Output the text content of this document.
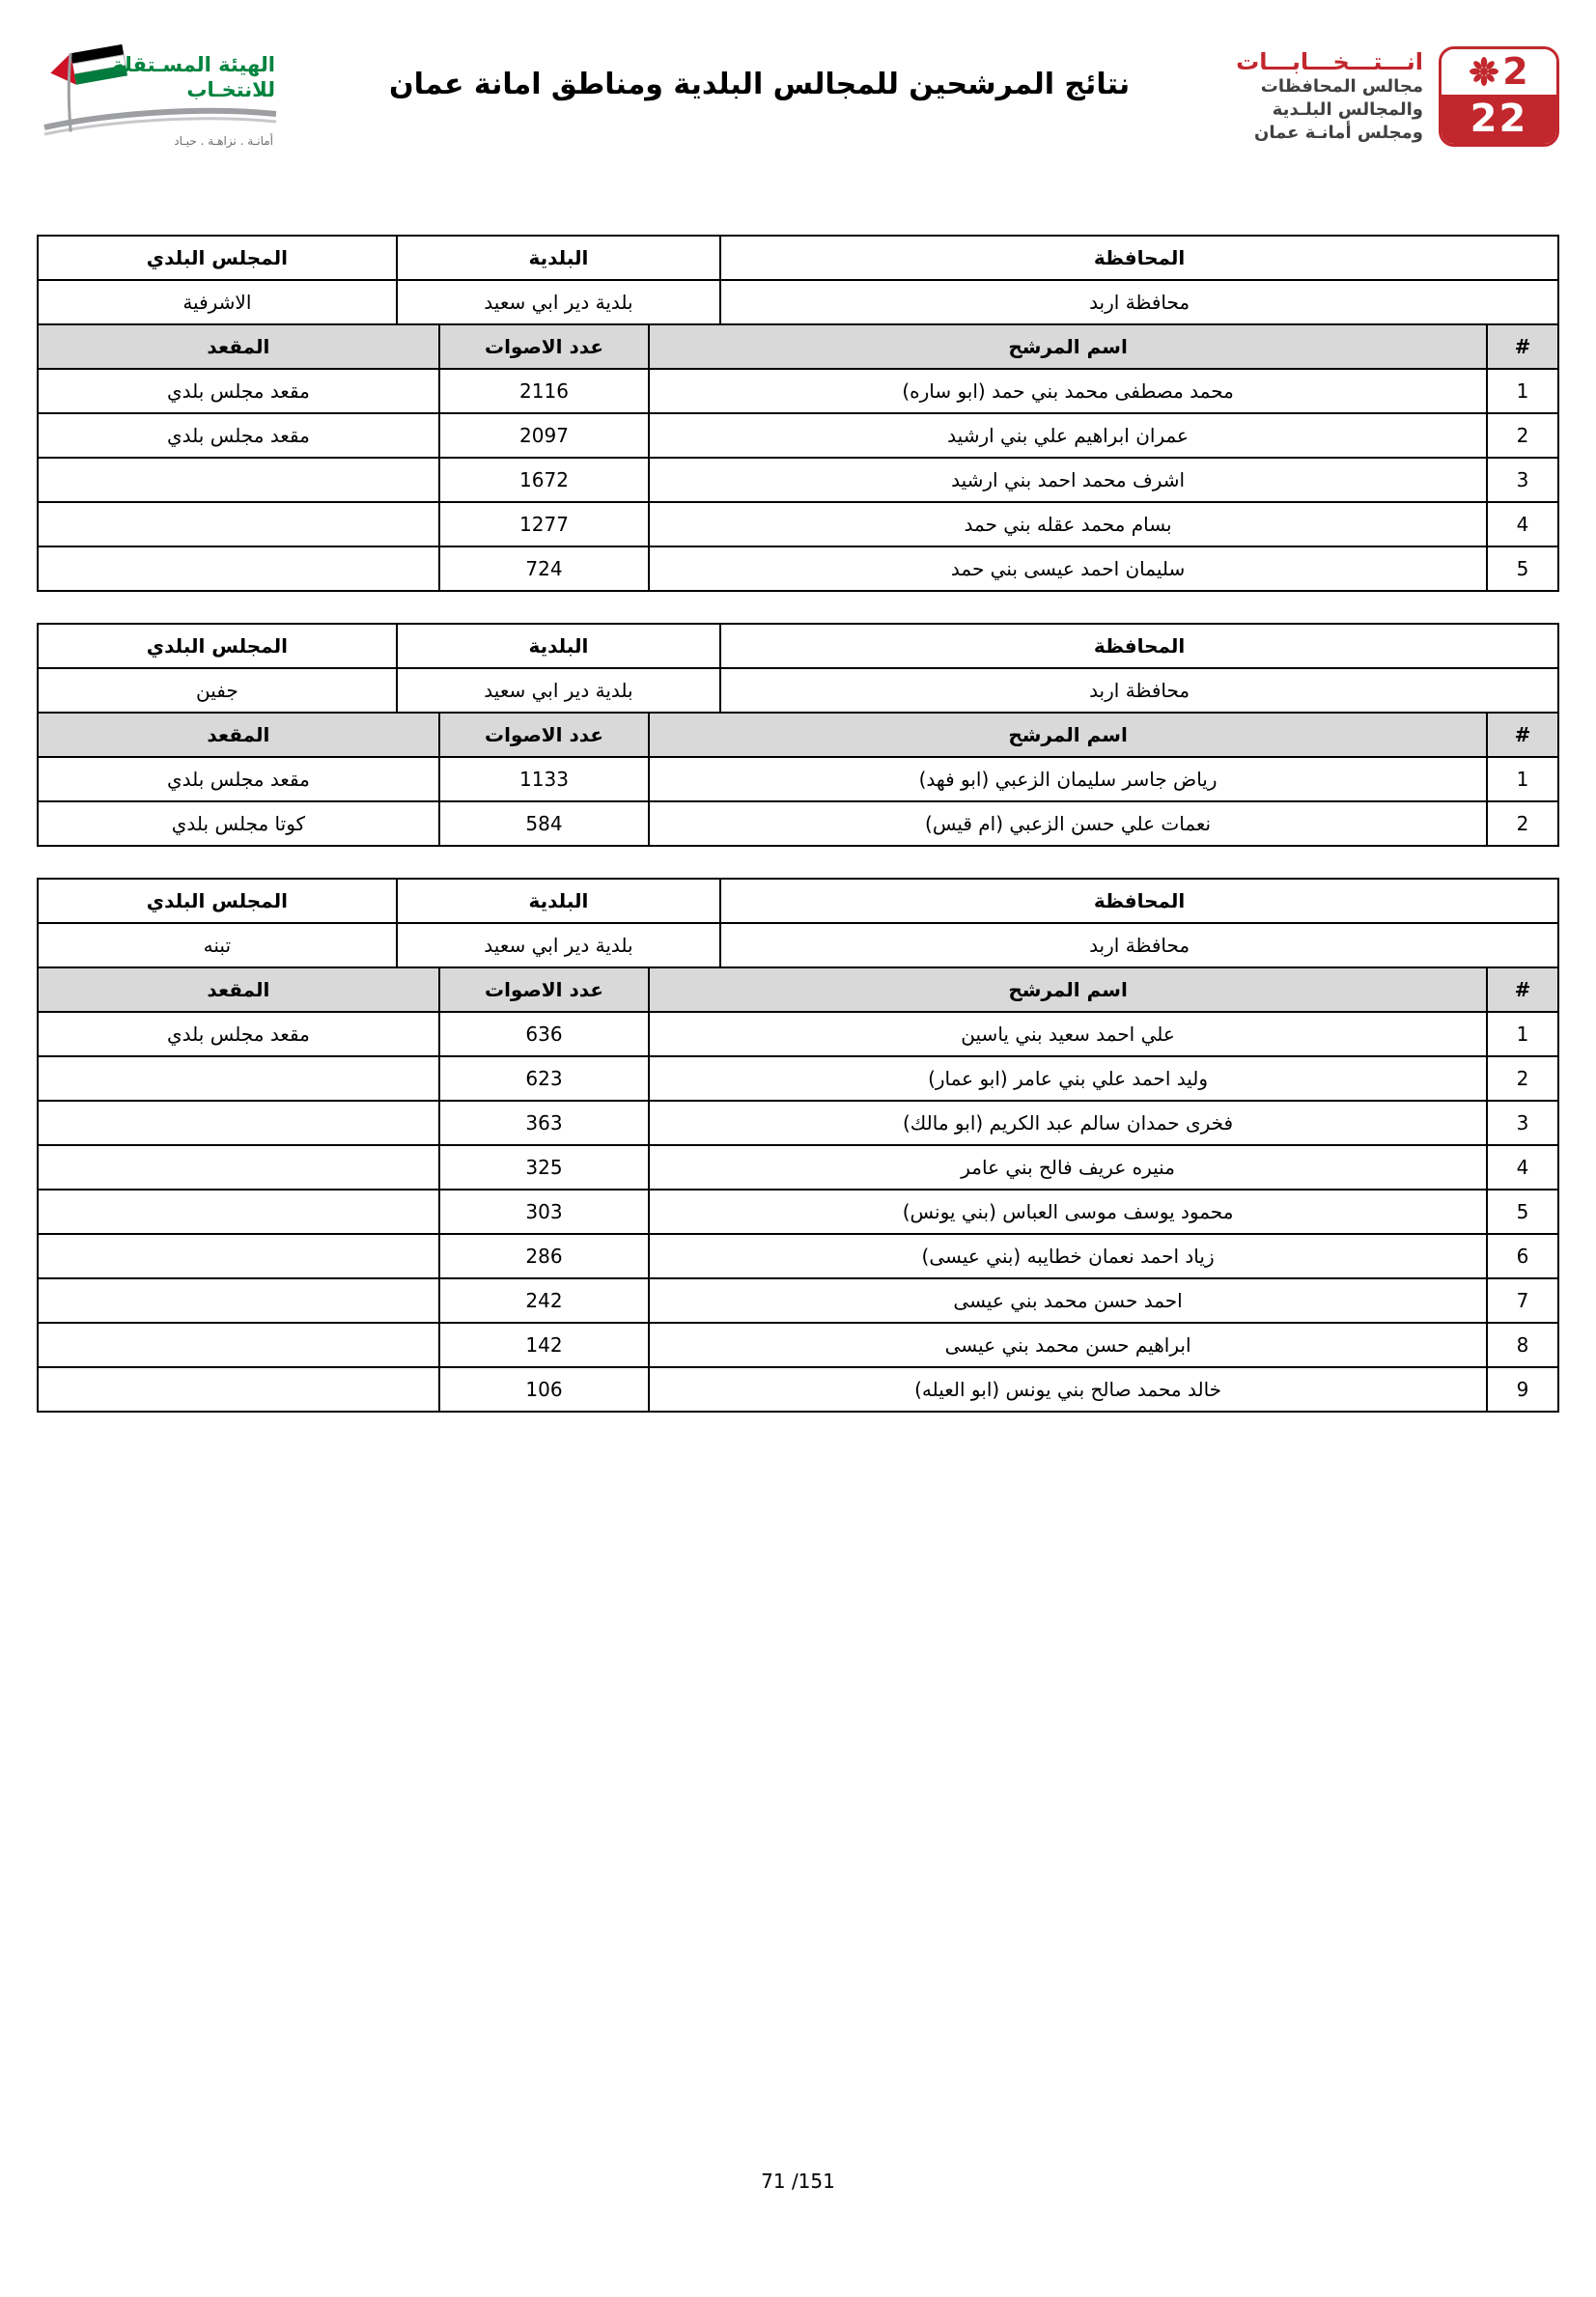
الهيئة المسـتقلة
للانتخـاب
أمانـة . نزاهـة . حيـاد
نتائج المرشحين للمجالس البلدية ومناطق امانة عمان	2
22
انـــتـــخـــابـــات
مجالس المحافظات
والمجالس البلـدية
ومجلس أمانـة عمان
المحافظة	البلدية	المجلس البلدي
محافظة اربد	بلدية دير ابي سعيد	الاشرفية
#	اسم المرشح	عدد الاصوات	المقعد
1	محمد مصطفى محمد بني حمد (ابو ساره)	2116	مقعد مجلس بلدي
2	عمران ابراهيم علي بني ارشيد	2097	مقعد مجلس بلدي
3	اشرف محمد احمد بني ارشيد	1672	
4	بسام محمد عقله بني حمد	1277	
5	سليمان احمد عيسى بني حمد	724	
المحافظة	البلدية	المجلس البلدي
محافظة اربد	بلدية دير ابي سعيد	جفين
#	اسم المرشح	عدد الاصوات	المقعد
1	رياض جاسر سليمان الزعبي (ابو فهد)	1133	مقعد مجلس بلدي
2	نعمات علي حسن الزعبي (ام قيس)	584	كوتا مجلس بلدي
المحافظة	البلدية	المجلس البلدي
محافظة اربد	بلدية دير ابي سعيد	تبنه
#	اسم المرشح	عدد الاصوات	المقعد
1	علي احمد سعيد بني ياسين	636	مقعد مجلس بلدي
2	وليد احمد علي بني عامر (ابو عمار)	623	
3	فخرى حمدان سالم عبد الكريم (ابو مالك)	363	
4	منيره عريف فالح بني عامر	325	
5	محمود يوسف موسى العباس (بني يونس)	303	
6	زياد احمد نعمان خطايبه (بني عيسى)	286	
7	احمد حسن محمد بني عيسى	242	
8	ابراهيم حسن محمد بني عيسى	142	
9	خالد محمد صالح بني يونس (ابو العيله)	106	
71 /151
